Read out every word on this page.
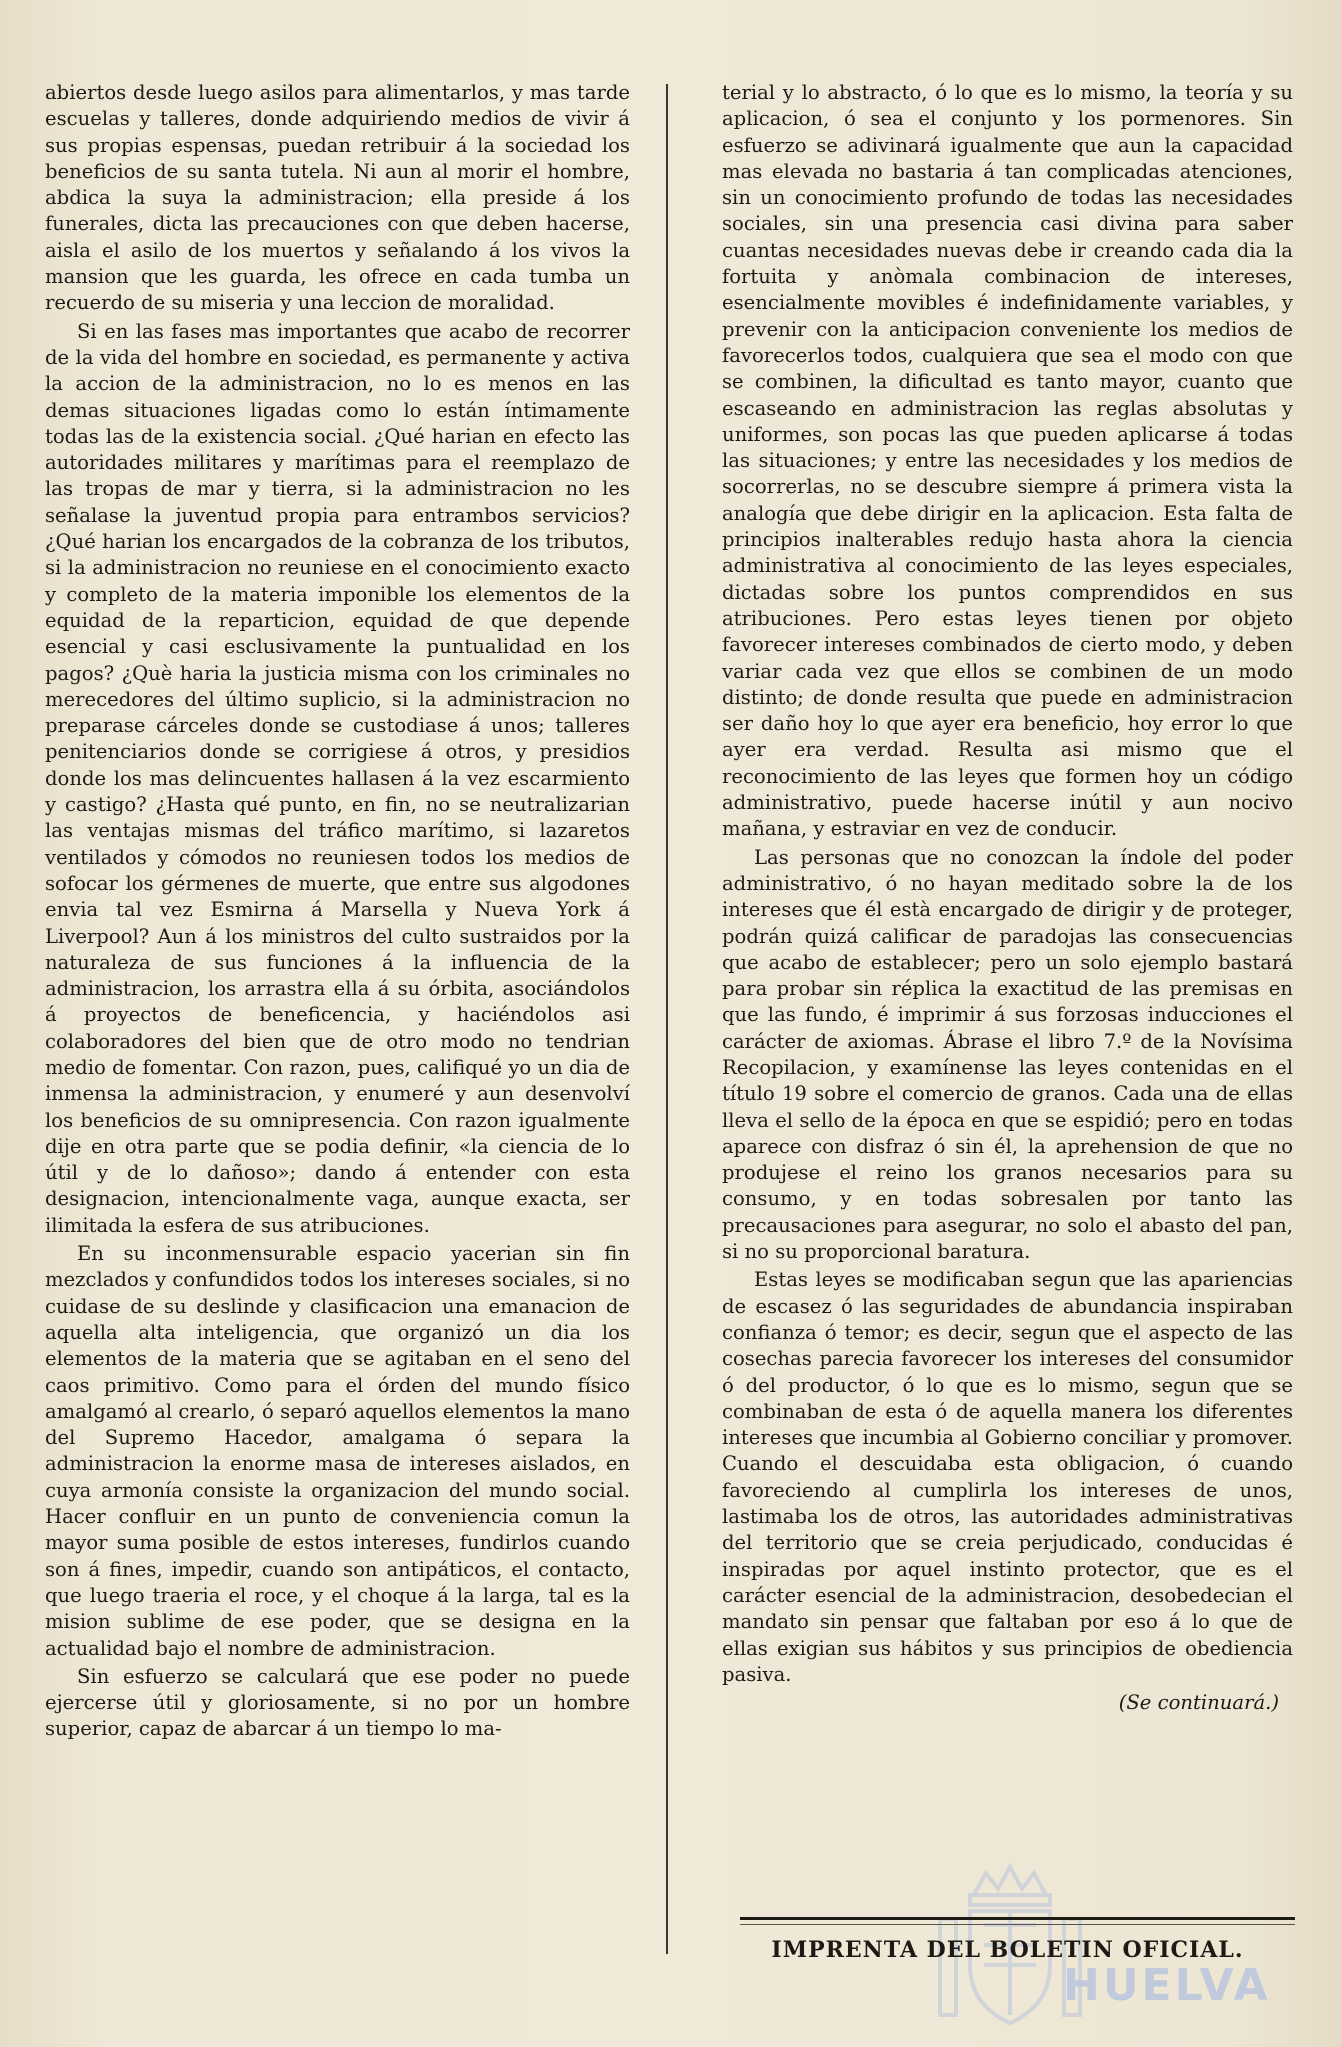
abiertos desde luego asilos para alimentarlos, y mas tarde escuelas y talleres, donde adquiriendo medios de vivir á sus propias espensas, puedan retribuir á la sociedad los beneficios de su santa tutela. Ni aun al morir el hombre, abdica la suya la administracion; ella preside á los funerales, dicta las precauciones con que deben hacerse, aisla el asilo de los muertos y señalando á los vivos la mansion que les guarda, les ofrece en cada tumba un recuerdo de su miseria y una leccion de moralidad.

Si en las fases mas importantes que acabo de recorrer de la vida del hombre en sociedad, es permanente y activa la accion de la administracion, no lo es menos en las demas situaciones ligadas como lo están íntimamente todas las de la existencia social. ¿Qué harian en efecto las autoridades militares y marítimas para el reemplazo de las tropas de mar y tierra, si la administracion no les señalase la juventud propia para entrambos servicios? ¿Qué harian los encargados de la cobranza de los tributos, si la administracion no reuniese en el conocimiento exacto y completo de la materia imponible los elementos de la equidad de la reparticion, equidad de que depende esencial y casi esclusivamente la puntualidad en los pagos? ¿Què haria la justicia misma con los criminales no merecedores del último suplicio, si la administracion no preparase cárceles donde se custodiase á unos; talleres penitenciarios donde se corrigiese á otros, y presidios donde los mas delincuentes hallasen á la vez escarmiento y castigo? ¿Hasta qué punto, en fin, no se neutralizarian las ventajas mismas del tráfico marítimo, si lazaretos ventilados y cómodos no reuniesen todos los medios de sofocar los gérmenes de muerte, que entre sus algodones envia tal vez Esmirna á Marsella y Nueva York á Liverpool? Aun á los ministros del culto sustraidos por la naturaleza de sus funciones á la influencia de la administracion, los arrastra ella á su órbita, asociándolos á proyectos de beneficencia, y haciéndolos asi colaboradores del bien que de otro modo no tendrian medio de fomentar. Con razon, pues, califiqué yo un dia de inmensa la administracion, y enumeré y aun desenvolví los beneficios de su omnipresencia. Con razon igualmente dije en otra parte que se podia definir, «la ciencia de lo útil y de lo dañoso»; dando á entender con esta designacion, intencionalmente vaga, aunque exacta, ser ilimitada la esfera de sus atribuciones.

En su inconmensurable espacio yacerian sin fin mezclados y confundidos todos los intereses sociales, si no cuidase de su deslinde y clasificacion una emanacion de aquella alta inteligencia, que organizó un dia los elementos de la materia que se agitaban en el seno del caos primitivo. Como para el órden del mundo físico amalgamó al crearlo, ó separó aquellos elementos la mano del Supremo Hacedor, amalgama ó separa la administracion la enorme masa de intereses aislados, en cuya armonía consiste la organizacion del mundo social. Hacer confluir en un punto de conveniencia comun la mayor suma posible de estos intereses, fundirlos cuando son á fines, impedir, cuando son antipáticos, el contacto, que luego traeria el roce, y el choque á la larga, tal es la mision sublime de ese poder, que se designa en la actualidad bajo el nombre de administracion.

Sin esfuerzo se calculará que ese poder no puede ejercerse útil y gloriosamente, si no por un hombre superior, capaz de abarcar á un tiempo lo ma-

terial y lo abstracto, ó lo que es lo mismo, la teoría y su aplicacion, ó sea el conjunto y los pormenores. Sin esfuerzo se adivinará igualmente que aun la capacidad mas elevada no bastaria á tan complicadas atenciones, sin un conocimiento profundo de todas las necesidades sociales, sin una presencia casi divina para saber cuantas necesidades nuevas debe ir creando cada dia la fortuita y anòmala combinacion de intereses, esencialmente movibles é indefinidamente variables, y prevenir con la anticipacion conveniente los medios de favorecerlos todos, cualquiera que sea el modo con que se combinen, la dificultad es tanto mayor, cuanto que escaseando en administracion las reglas absolutas y uniformes, son pocas las que pueden aplicarse á todas las situaciones; y entre las necesidades y los medios de socorrerlas, no se descubre siempre á primera vista la analogía que debe dirigir en la aplicacion. Esta falta de principios inalterables redujo hasta ahora la ciencia administrativa al conocimiento de las leyes especiales, dictadas sobre los puntos comprendidos en sus atribuciones. Pero estas leyes tienen por objeto favorecer intereses combinados de cierto modo, y deben variar cada vez que ellos se combinen de un modo distinto; de donde resulta que puede en administracion ser daño hoy lo que ayer era beneficio, hoy error lo que ayer era verdad. Resulta asi mismo que el reconocimiento de las leyes que formen hoy un código administrativo, puede hacerse inútil y aun nocivo mañana, y estraviar en vez de conducir.

Las personas que no conozcan la índole del poder administrativo, ó no hayan meditado sobre la de los intereses que él està encargado de dirigir y de proteger, podrán quizá calificar de paradojas las consecuencias que acabo de establecer; pero un solo ejemplo bastará para probar sin réplica la exactitud de las premisas en que las fundo, é imprimir á sus forzosas inducciones el carácter de axiomas. Ábrase el libro 7.º de la Novísima Recopilacion, y examínense las leyes contenidas en el título 19 sobre el comercio de granos. Cada una de ellas lleva el sello de la época en que se espidió; pero en todas aparece con disfraz ó sin él, la aprehension de que no produjese el reino los granos necesarios para su consumo, y en todas sobresalen por tanto las precausaciones para asegurar, no solo el abasto del pan, si no su proporcional baratura.

Estas leyes se modificaban segun que las apariencias de escasez ó las seguridades de abundancia inspiraban confianza ó temor; es decir, segun que el aspecto de las cosechas parecia favorecer los intereses del consumidor ó del productor, ó lo que es lo mismo, segun que se combinaban de esta ó de aquella manera los diferentes intereses que incumbia al Gobierno conciliar y promover. Cuando el descuidaba esta obligacion, ó cuando favoreciendo al cumplirla los intereses de unos, lastimaba los de otros, las autoridades administrativas del territorio que se creia perjudicado, conducidas é inspiradas por aquel instinto protector, que es el carácter esencial de la administracion, desobedecian el mandato sin pensar que faltaban por eso á lo que de ellas exigian sus hábitos y sus principios de obediencia pasiva.

(Se continuará.)

HUELVA
IMPRENTA DEL BOLETIN OFICIAL.
